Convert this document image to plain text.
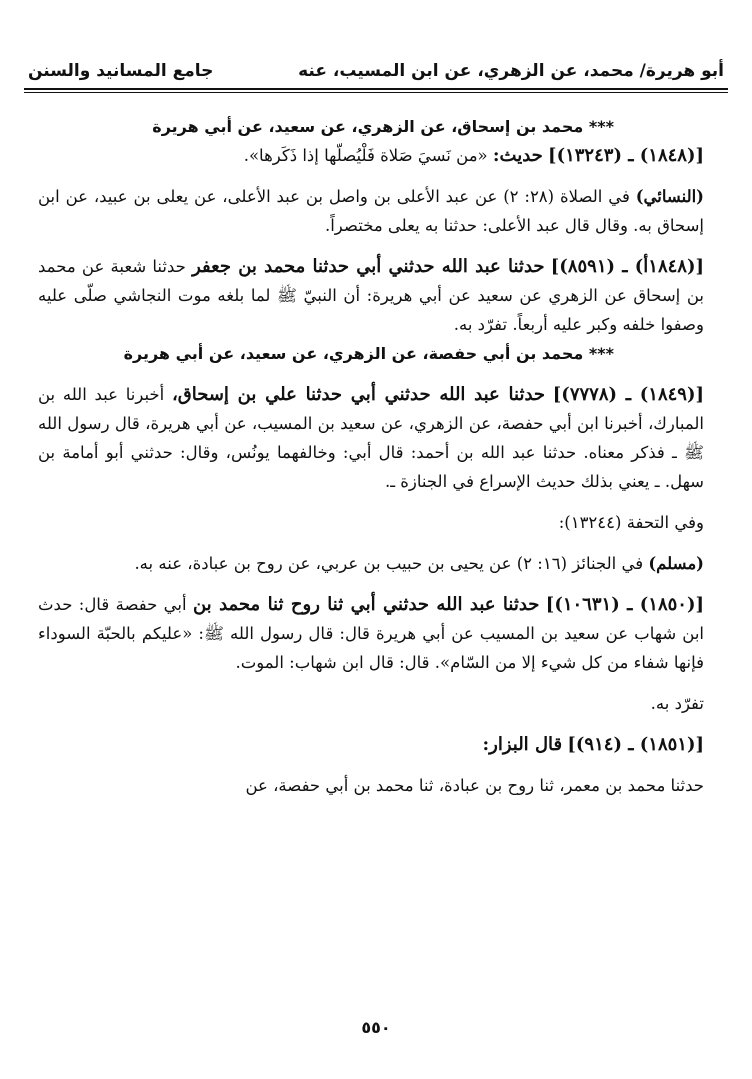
أبو هريرة/ محمد، عن الزهري، عن ابن المسيب، عنه
جامع المسانيد والسنن

*** محمد بن إسحاق، عن الزهري، عن سعيد، عن أبي هريرة

[(١٨٤٨) ـ (١٣٢٤٣)] حديث: «من نَسيَ صَلاة فَلْيُصلّها إذا ذَكَرها».

(النسائي) في الصلاة (٢٨: ٢) عن عبد الأعلى بن واصل بن عبد الأعلى، عن يعلى بن عبيد، عن ابن إسحاق به. وقال قال عبد الأعلى: حدثنا به يعلى مختصراً.

[(١٨٤٨أ) ـ (٨٥٩١)] حدثنا عبد الله حدثني أبي حدثنا محمد بن جعفر حدثنا شعبة عن محمد بن إسحاق عن الزهري عن سعيد عن أبي هريرة: أن النبيّ ﷺ لما بلغه موت النجاشي صلّى عليه وصفوا خلفه وكبر عليه أربعاً. تفرّد به.

*** محمد بن أبي حفصة، عن الزهري، عن سعيد، عن أبي هريرة

[(١٨٤٩) ـ (٧٧٧٨)] حدثنا عبد الله حدثني أبي حدثنا علي بن إسحاق، أخبرنا عبد الله بن المبارك، أخبرنا ابن أبي حفصة، عن الزهري، عن سعيد بن المسيب، عن أبي هريرة، قال رسول الله ﷺ ـ فذكر معناه. حدثنا عبد الله بن أحمد: قال أبي: وخالفهما يونُس، وقال: حدثني أبو أمامة بن سهل. ـ يعني بذلك حديث الإسراع في الجنازة ـ.

وفي التحفة (١٣٢٤٤):

(مسلم) في الجنائز (١٦: ٢) عن يحيى بن حبيب بن عربي، عن روح بن عبادة، عنه به.

[(١٨٥٠) ـ (١٠٦٣١)] حدثنا عبد الله حدثني أبي ثنا روح ثنا محمد بن أبي حفصة قال: حدث ابن شهاب عن سعيد بن المسيب عن أبي هريرة قال: قال رسول الله ﷺ: «عليكم بالحبّة السوداء فإنها شفاء من كل شيء إلا من السّام». قال: قال ابن شهاب: الموت.

تفرّد به.

[(١٨٥١) ـ (٩١٤)] قال البزار:

حدثنا محمد بن معمر، ثنا روح بن عبادة، ثنا محمد بن أبي حفصة، عن

٥٥٠
